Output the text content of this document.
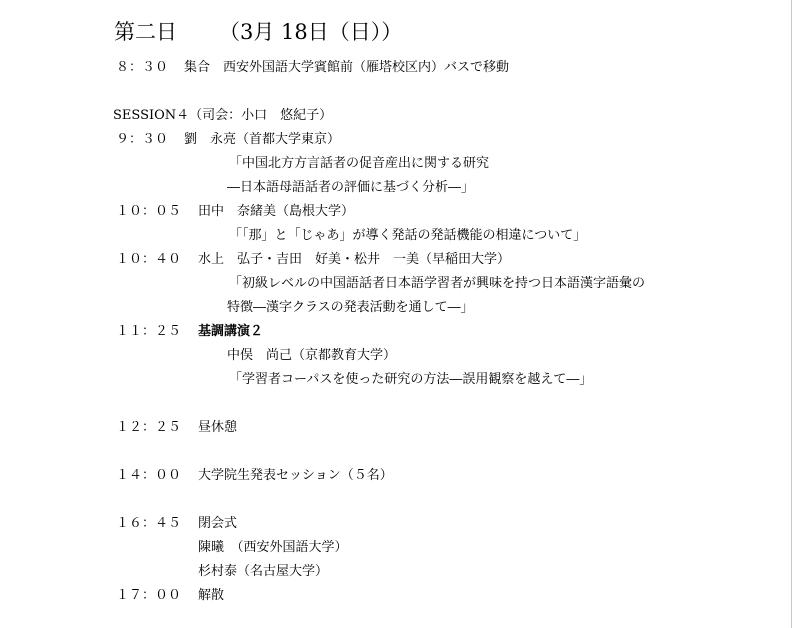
第二日 （3月 18日（日））
８：３０ 集合　西安外国語大学賓館前（雁塔校区内）バスで移動
SESSION４（司会：小口　悠紀子）
９：３０ 劉　永亮（首都大学東京）
「中国北方方言話者の促音産出に関する研究
―日本語母語話者の評価に基づく分析―」
１０：０５ 田中　奈緒美（島根大学）
「「那」と「じゃあ」が導く発話の発話機能の相違について」
１０：４０ 水上　弘子・吉田　好美・松井　一美（早稲田大学）
「初級レベルの中国語話者日本語学習者が興味を持つ日本語漢字語彙の
特徴―漢字クラスの発表活動を通して―」
１１：２５ 基調講演２
中俣　尚己（京都教育大学）
「学習者コーパスを使った研究の方法―誤用観察を越えて―」
１２：２５ 昼休憩
１４：００ 大学院生発表セッション（５名）
１６：４５ 閉会式
陳曦　（西安外国語大学）
杉村泰（名古屋大学）
１７：００ 解散
